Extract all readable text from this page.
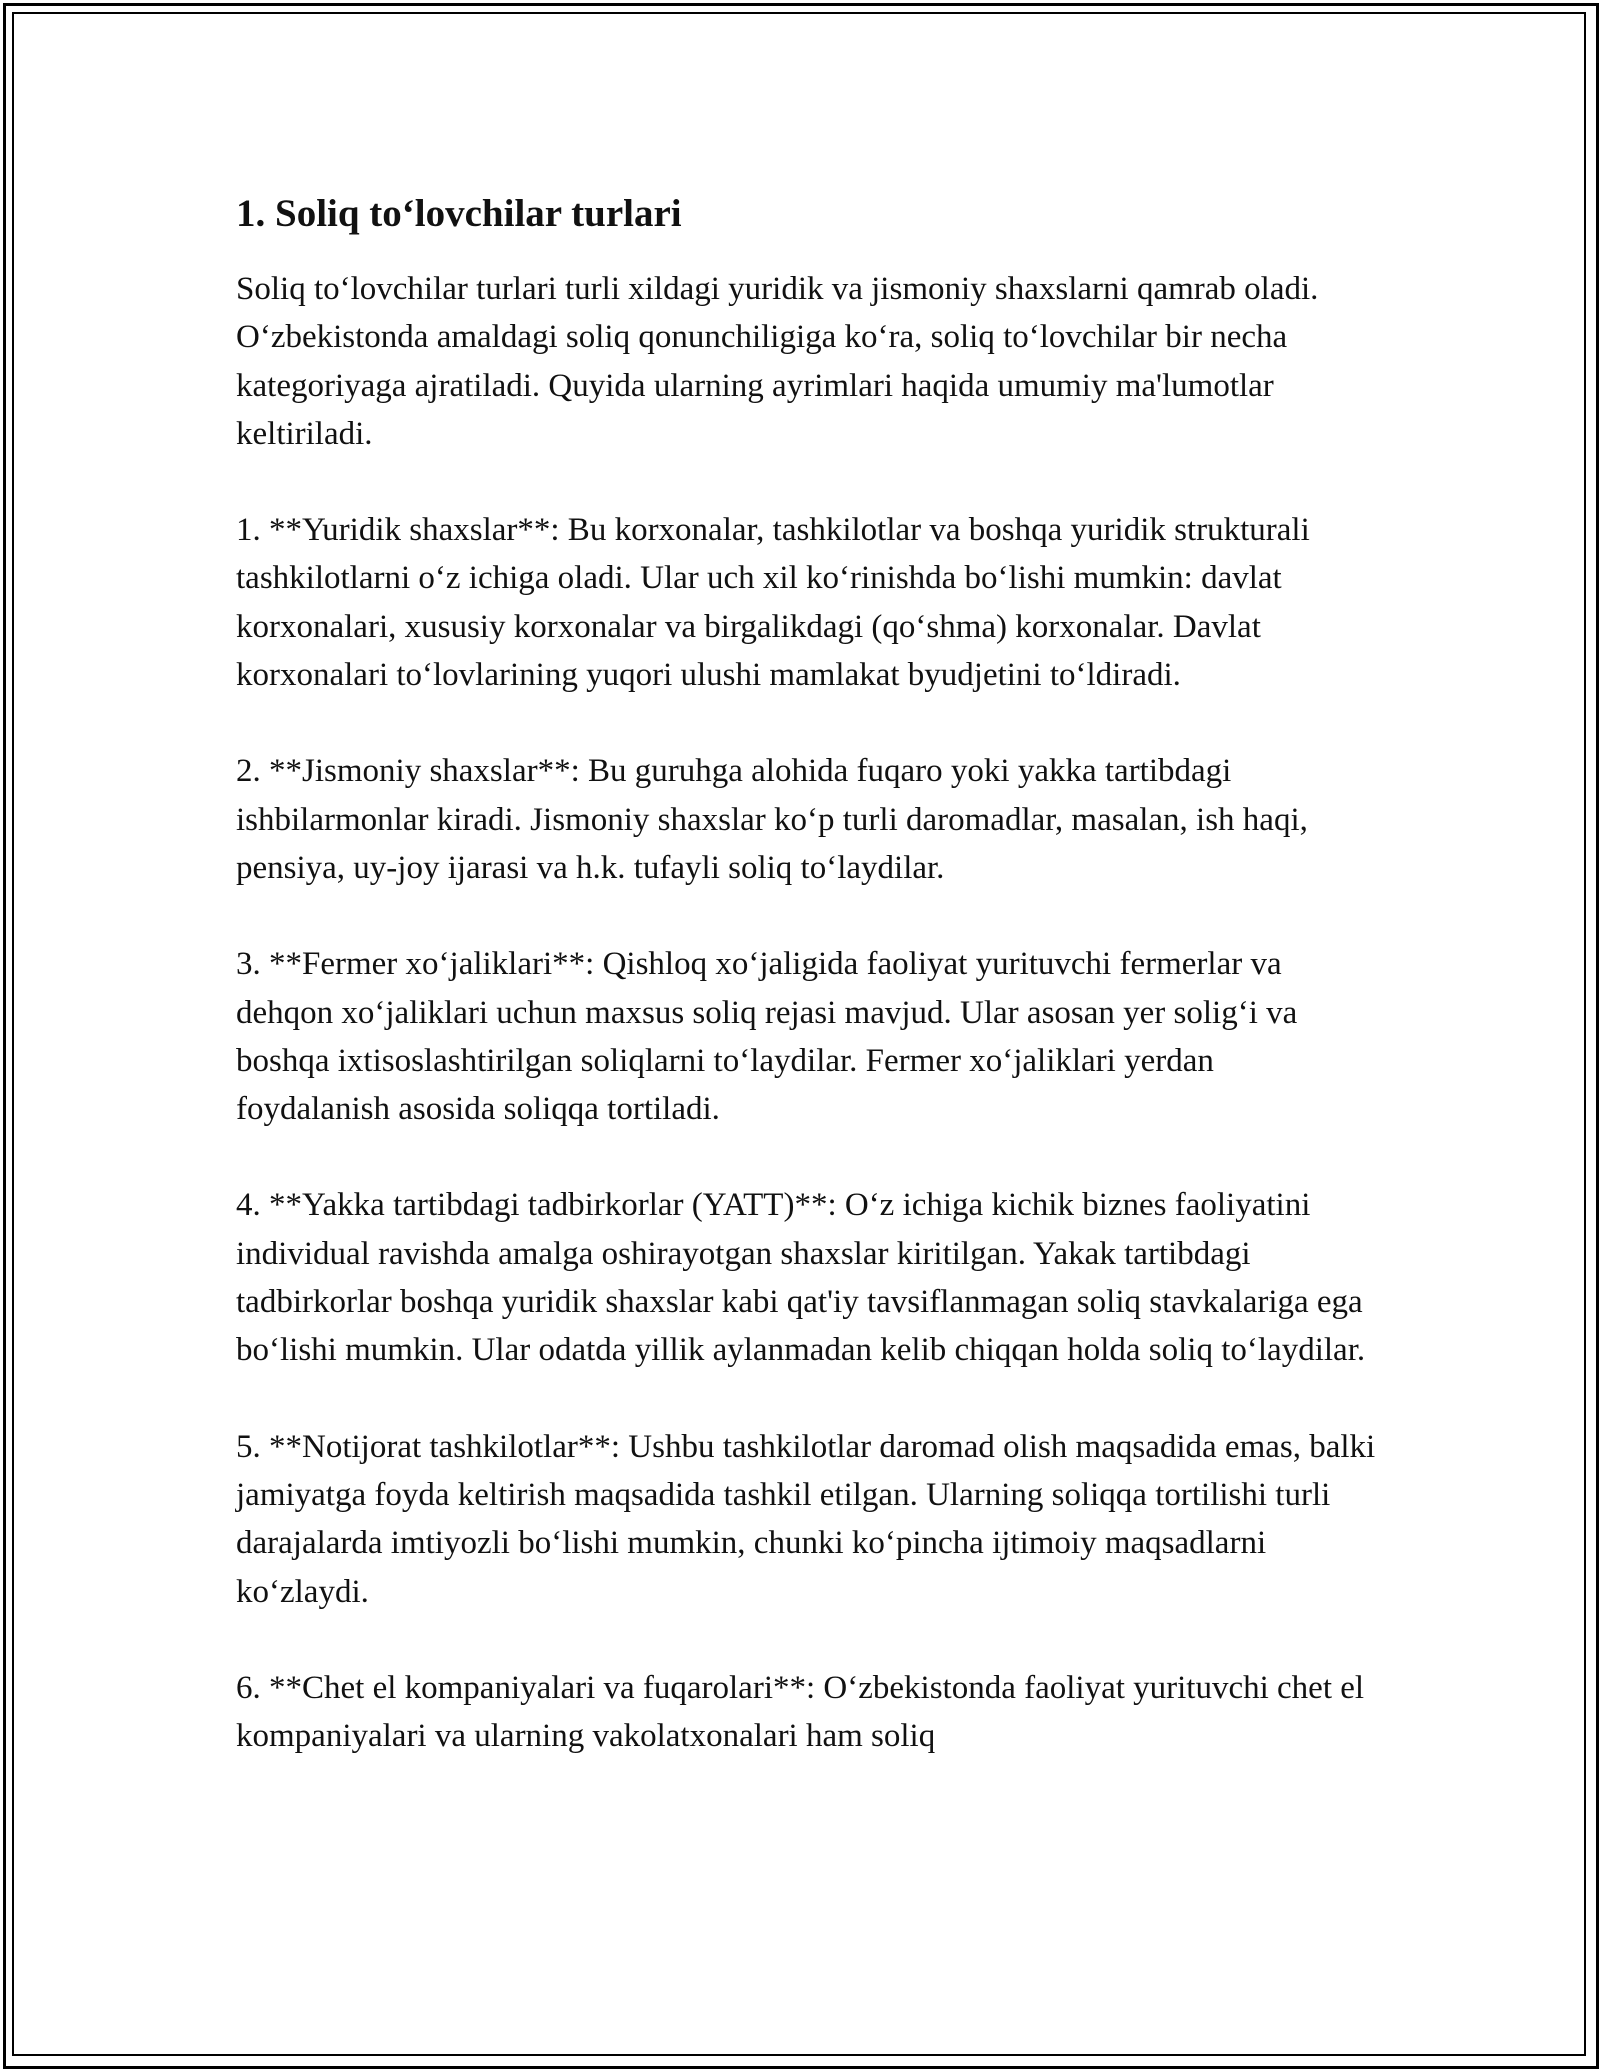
1. Soliq to‘lovchilar turlari

Soliq to‘lovchilar turlari turli xildagi yuridik va jismoniy shaxslarni qamrab oladi. O‘zbekistonda amaldagi soliq qonunchiligiga ko‘ra, soliq to‘lovchilar bir necha kategoriyaga ajratiladi. Quyida ularning ayrimlari haqida umumiy ma'lumotlar keltiriladi.

1. **Yuridik shaxslar**: Bu korxonalar, tashkilotlar va boshqa yuridik strukturali tashkilotlarni o‘z ichiga oladi. Ular uch xil ko‘rinishda bo‘lishi mumkin: davlat korxonalari, xususiy korxonalar va birgalikdagi (qo‘shma) korxonalar. Davlat korxonalari to‘lovlarining yuqori ulushi mamlakat byudjetini to‘ldiradi.

2. **Jismoniy shaxslar**: Bu guruhga alohida fuqaro yoki yakka tartibdagi ishbilarmonlar kiradi. Jismoniy shaxslar ko‘p turli daromadlar, masalan, ish haqi, pensiya, uy-joy ijarasi va h.k. tufayli soliq to‘laydilar.

3. **Fermer xo‘jaliklari**: Qishloq xo‘jaligida faoliyat yurituvchi fermerlar va dehqon xo‘jaliklari uchun maxsus soliq rejasi mavjud. Ular asosan yer solig‘i va boshqa ixtisoslashtirilgan soliqlarni to‘laydilar. Fermer xo‘jaliklari yerdan foydalanish asosida soliqqa tortiladi.

4. **Yakka tartibdagi tadbirkorlar (YATT)**: O‘z ichiga kichik biznes faoliyatini individual ravishda amalga oshirayotgan shaxslar kiritilgan. Yakak tartibdagi tadbirkorlar boshqa yuridik shaxslar kabi qat'iy tavsiflanmagan soliq stavkalariga ega bo‘lishi mumkin. Ular odatda yillik aylanmadan kelib chiqqan holda soliq to‘laydilar.

5. **Notijorat tashkilotlar**: Ushbu tashkilotlar daromad olish maqsadida emas, balki jamiyatga foyda keltirish maqsadida tashkil etilgan. Ularning soliqqa tortilishi turli darajalarda imtiyozli bo‘lishi mumkin, chunki ko‘pincha ijtimoiy maqsadlarni ko‘zlaydi.

6. **Chet el kompaniyalari va fuqarolari**: O‘zbekistonda faoliyat yurituvchi chet el kompaniyalari va ularning vakolatxonalari ham soliq
